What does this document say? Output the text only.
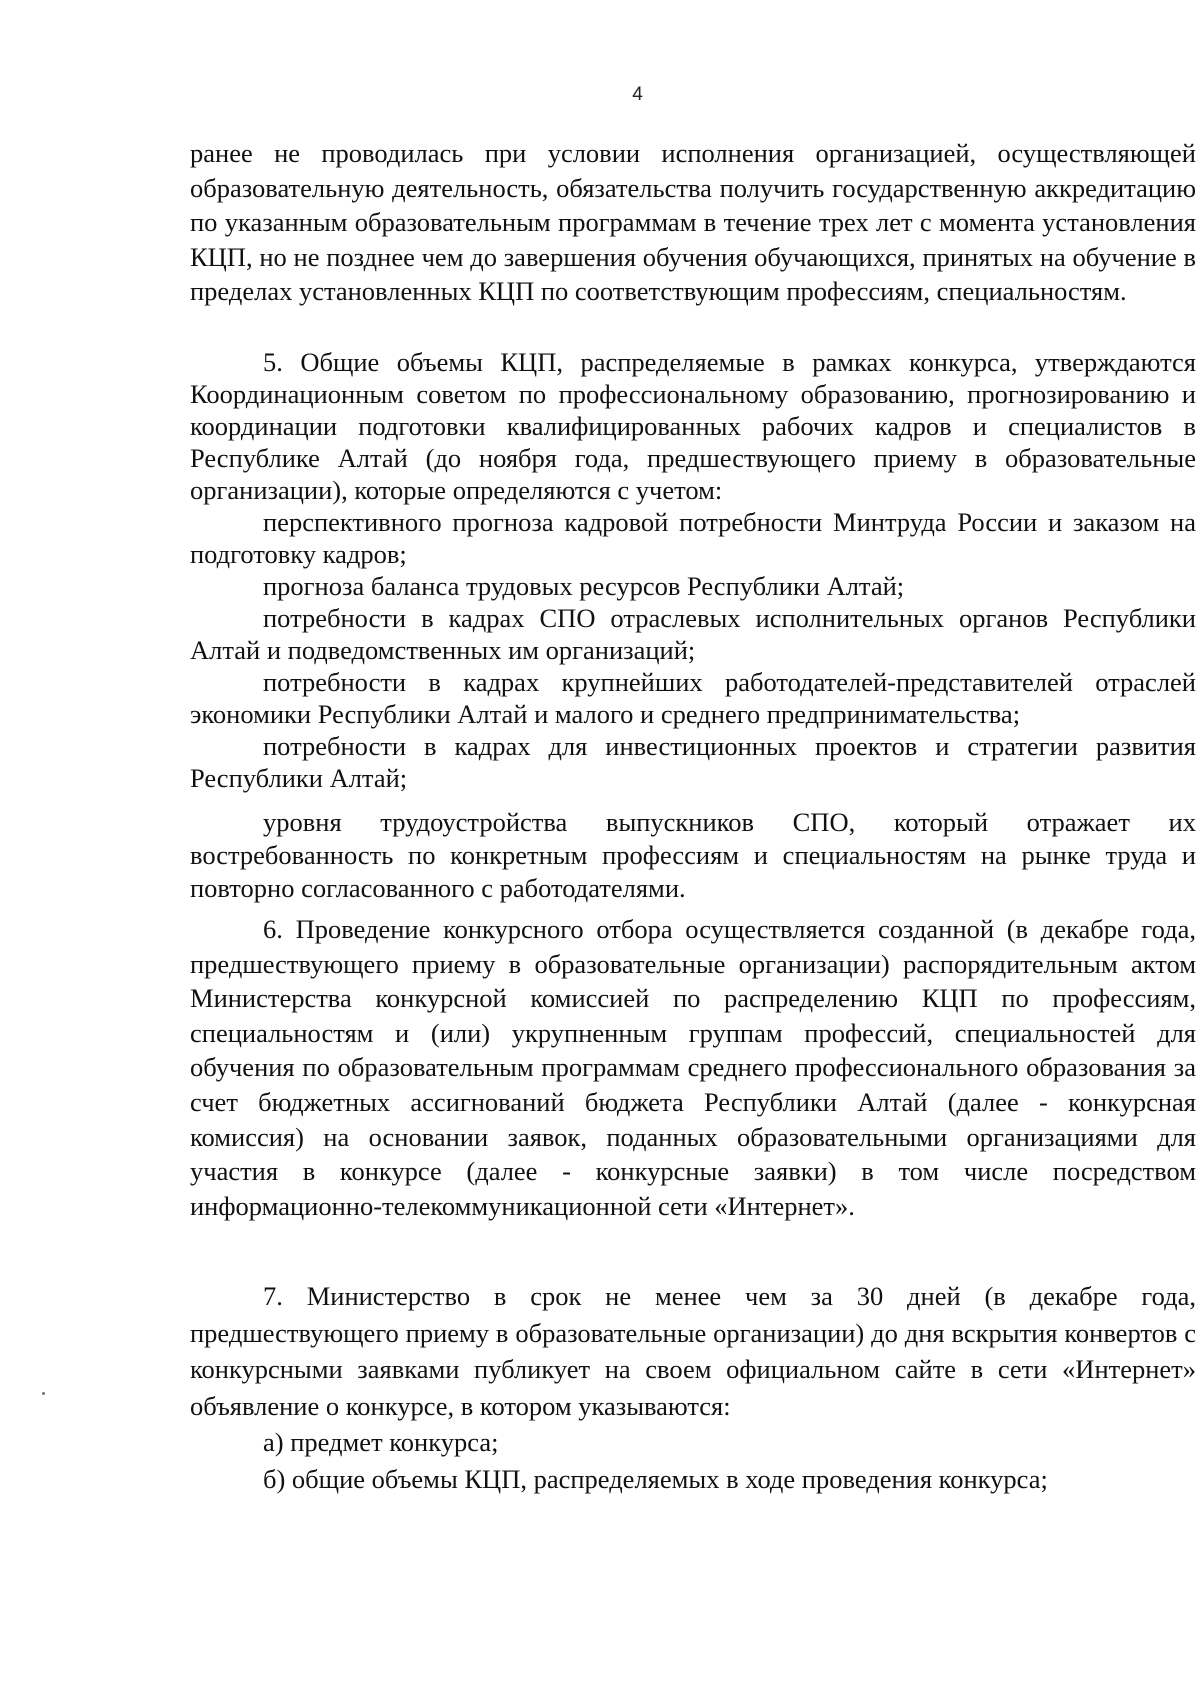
4

ранее не проводилась при условии исполнения организацией, осуществляющей образовательную деятельность, обязательства получить государственную аккредитацию по указанным образовательным программам в течение трех лет с момента установления КЦП, но не позднее чем до завершения обучения обучающихся, принятых на обучение в пределах установленных КЦП по соответствующим профессиям, специальностям.

5. Общие объемы КЦП, распределяемые в рамках конкурса, утверждаются Координационным советом по профессиональному образованию, прогнозированию и координации подготовки квалифицированных рабочих кадров и специалистов в Республике Алтай (до ноября года, предшествующего приему в образовательные организации), которые определяются с учетом:

перспективного прогноза кадровой потребности Минтруда России и заказом на подготовку кадров;

прогноза баланса трудовых ресурсов Республики Алтай;

потребности в кадрах СПО отраслевых исполнительных органов Республики Алтай и подведомственных им организаций;

потребности в кадрах крупнейших работодателей-представителей отраслей экономики Республики Алтай и малого и среднего предпринимательства;

потребности в кадрах для инвестиционных проектов и стратегии развития Республики Алтай;

уровня трудоустройства выпускников СПО, который отражает их востребованность по конкретным профессиям и специальностям на рынке труда и повторно согласованного с работодателями.

6. Проведение конкурсного отбора осуществляется созданной (в декабре года, предшествующего приему в образовательные организации) распорядительным актом Министерства конкурсной комиссией по распределению КЦП по профессиям, специальностям и (или) укрупненным группам профессий, специальностей для обучения по образовательным программам среднего профессионального образования за счет бюджетных ассигнований бюджета Республики Алтай (далее - конкурсная комиссия) на основании заявок, поданных образовательными организациями для участия в конкурсе (далее - конкурсные заявки) в том числе посредством информационно-телекоммуникационной сети «Интернет».

7. Министерство в срок не менее чем за 30 дней (в декабре года, предшествующего приему в образовательные организации) до дня вскрытия конвертов с конкурсными заявками публикует на своем официальном сайте в сети «Интернет» объявление о конкурсе, в котором указываются:

а) предмет конкурса;

б) общие объемы КЦП, распределяемых в ходе проведения конкурса;
